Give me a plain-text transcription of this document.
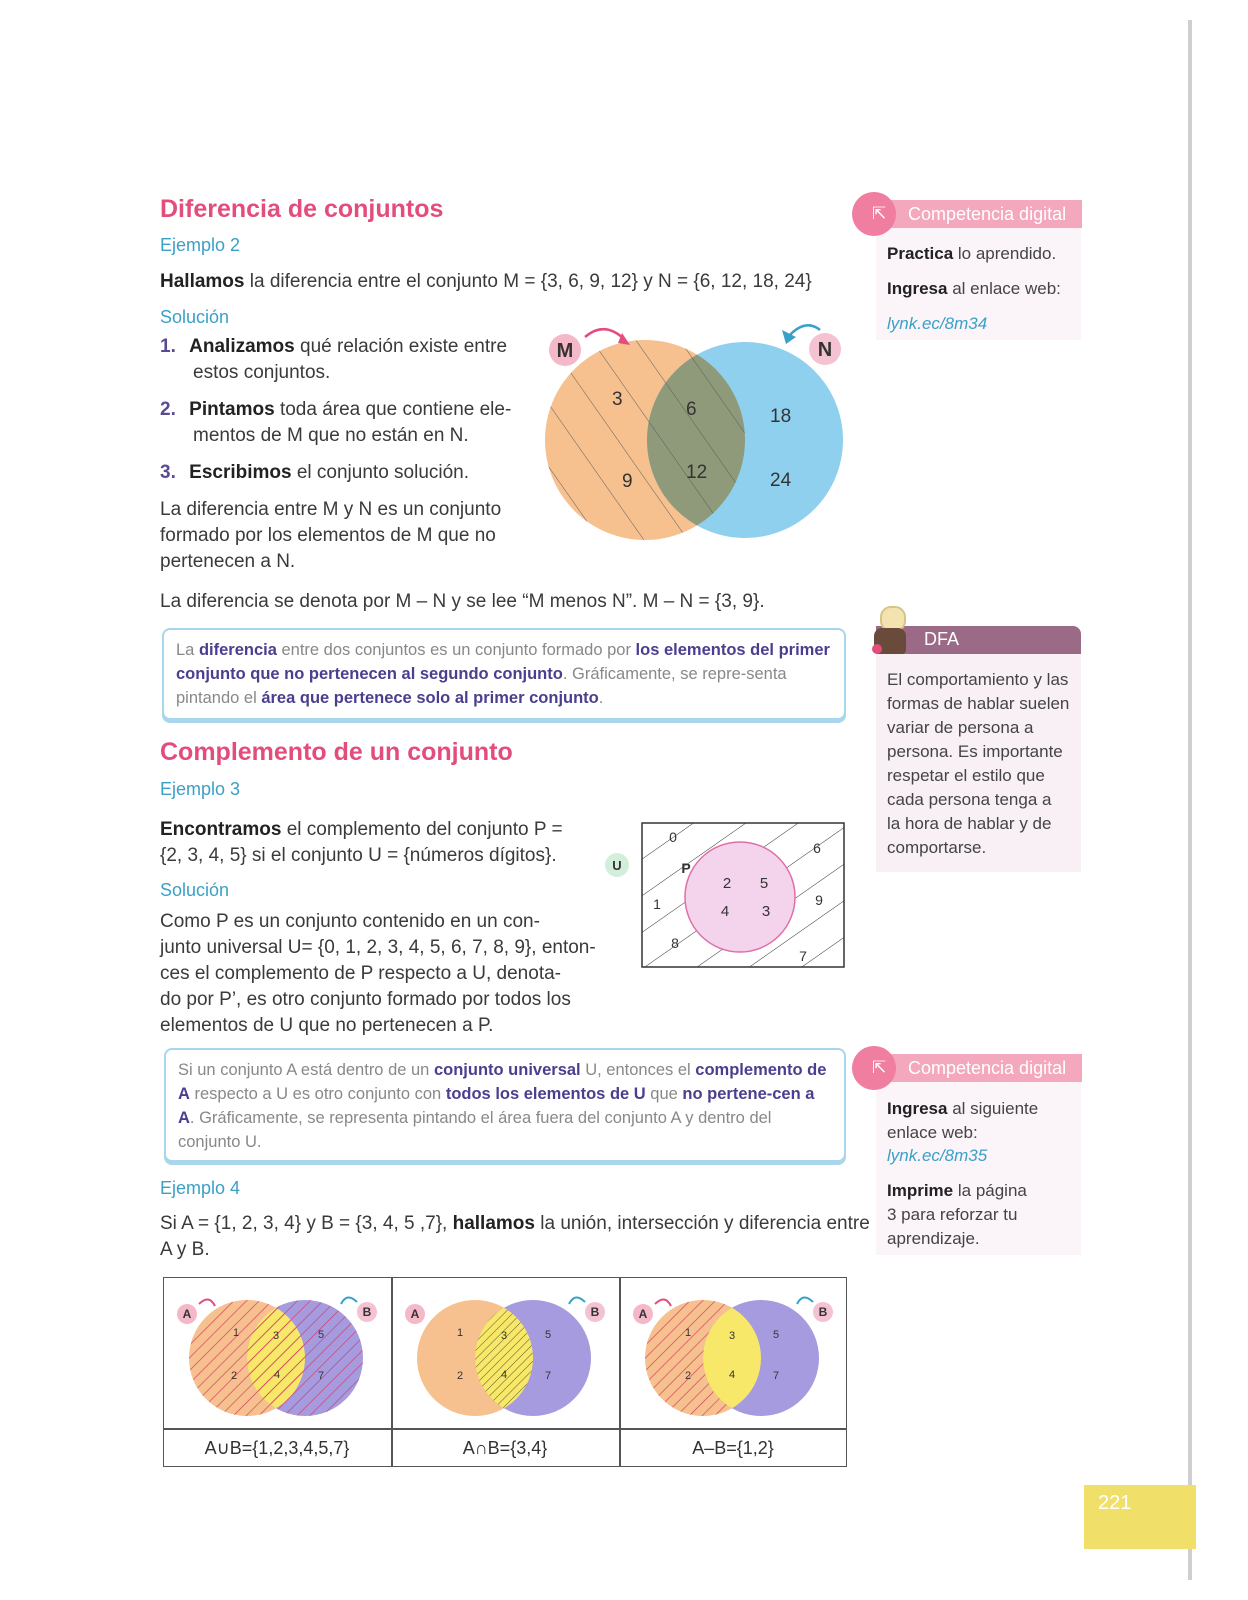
Diferencia de conjuntos
Ejemplo 2
Hallamos la diferencia entre el conjunto M = {3, 6, 9, 12} y N = {6, 12, 18, 24}
Solución
1. Analizamos qué relación existe entre
estos conjuntos.
2. Pintamos toda área que contiene ele-
mentos de M que no están en N.
3. Escribimos el conjunto solución.
La diferencia entre M y N es un conjunto
formado por los elementos de M que no
pertenecen a N.
La diferencia se denota por M – N y se lee “M menos N”. M – N = {3, 9}.
M	N
3
9
6
12
18
24
La diferencia entre dos conjuntos es un conjunto formado por los elementos del primer conjunto que no pertenecen al segundo conjunto. Gráficamente, se repre-senta pintando el área que pertenece solo al primer conjunto.
Complemento de un conjunto
Ejemplo 3
Encontramos el complemento del conjunto P =
{2, 3, 4, 5} si el conjunto U = {números dígitos}.
Solución
Como P es un conjunto contenido en un con-
junto universal U= {0, 1, 2, 3, 4, 5, 6, 7, 8, 9}, enton-
ces el complemento de P respecto a U, denota-
do por P’, es otro conjunto formado por todos los
elementos de U que no pertenecen a P.
U	P
2 5
4 3
0
6
1	9
8
7
Si un conjunto A está dentro de un conjunto universal U, entonces el complemento de A respecto a U es otro conjunto con todos los elementos de U que no pertene-cen a A. Gráficamente, se representa pintando el área fuera del conjunto A y dentro del conjunto U.
Ejemplo 4
Si A = {1, 2, 3, 4} y B = {3, 4, 5 ,7}, hallamos la unión, intersección y diferencia entre
A y B.
A	B
1
2
3
4
5
7
A	B
1
2
3
4
5
7
A	B
1
2
3
4
5
7
A∪B={1,2,3,4,5,7}	A∩B={3,4}	A–B={1,2}
Practica lo aprendido.
Ingresa al enlace web:
lynk.ec/8m34
⇱ Competencia digital
El comportamiento y las
formas de hablar suelen
variar de persona a
persona. Es importante
respetar el estilo que
cada persona tenga a
la hora de hablar y de
comportarse.
DFA
Ingresa al siguiente
enlace web:
lynk.ec/8m35
Imprime la página
3 para reforzar tu
aprendizaje.
⇱ Competencia digital
221
